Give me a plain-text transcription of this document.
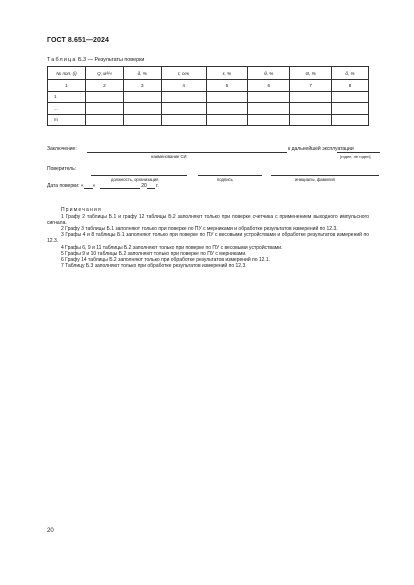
ГОСТ 8.651—2024
Таблица Б.3 — Результаты поверки
№ поп. (i)	Q, м³/ч	δ, %	t, сек	ε, %	θ, %	Θ, %	δ, %
1	2	3	4	5	6	7	8
1							
...							
m							
Заключение:	к дальнейшей эксплуатации
наименование СИ	[годен, не годен]
Поверитель:
должность, организация	подпись	инициалы, фамилия
Дата поверки: « »	20 г.
Примечания

1 Графу 2 таблицы Б.1 и графу 12 таблицы Б.2 заполняют только при поверке счетчика с применением выходного импульсного сигнала.

2 Графу 3 таблицы Б.1 заполняют только при поверке по ПУ с мерниками и обработке результатов измерений по 12.3.

3 Графы 4 и 8 таблицы Б.1 заполняют только при поверке по ПУ с весовыми устройствами и обработке результатов измерений по 12.3.

4 Графы 6, 9 и 11 таблицы Б.2 заполняют только при поверке по ПУ с весовыми устройствами.

5 Графы 9 и 10 таблицы Б.2 заполняют только при поверке по ПУ с мерниками.

6 Графу 14 таблицы Б.2 заполняют только при обработке результатов измерений по 12.1.

7 Таблицу Б.3 заполняют только при обработке результатов измерений по 12.3.

20
